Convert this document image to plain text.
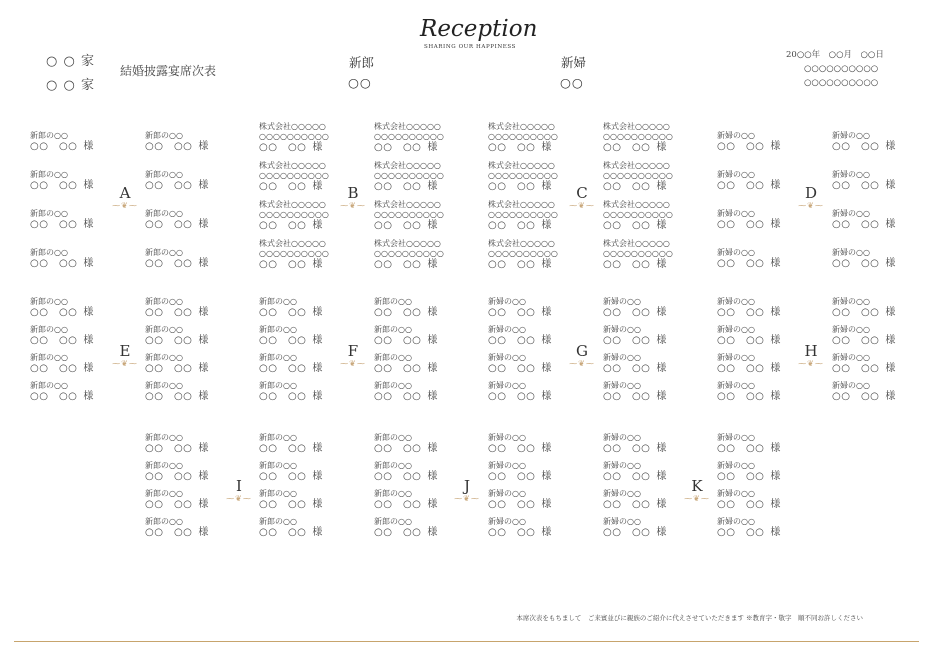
○ ○ 家
○ ○ 家
結婚披露宴席次表
Reception
SHARING OUR HAPPINESS
新郎
○○
新婦
○○
20○○年　○○月　○○日
○○○○○○○○○○
○○○○○○○○○○
新郎の○○
○○　○○ 様
新郎の○○
○○　○○ 様
新郎の○○
○○　○○ 様
新郎の○○
○○　○○ 様
新郎の○○
○○　○○ 様
新郎の○○
○○　○○ 様
新郎の○○
○○　○○ 様
新郎の○○
○○　○○ 様
A
⁓❦⁓
株式会社○○○○○
○○○○○○○○○○
○○　○○ 様
株式会社○○○○○
○○○○○○○○○○
○○　○○ 様
株式会社○○○○○
○○○○○○○○○○
○○　○○ 様
株式会社○○○○○
○○○○○○○○○○
○○　○○ 様
株式会社○○○○○
○○○○○○○○○○
○○　○○ 様
株式会社○○○○○
○○○○○○○○○○
○○　○○ 様
株式会社○○○○○
○○○○○○○○○○
○○　○○ 様
株式会社○○○○○
○○○○○○○○○○
○○　○○ 様
B
⁓❦⁓
株式会社○○○○○
○○○○○○○○○○
○○　○○ 様
株式会社○○○○○
○○○○○○○○○○
○○　○○ 様
株式会社○○○○○
○○○○○○○○○○
○○　○○ 様
株式会社○○○○○
○○○○○○○○○○
○○　○○ 様
株式会社○○○○○
○○○○○○○○○○
○○　○○ 様
株式会社○○○○○
○○○○○○○○○○
○○　○○ 様
株式会社○○○○○
○○○○○○○○○○
○○　○○ 様
株式会社○○○○○
○○○○○○○○○○
○○　○○ 様
C
⁓❦⁓
新婦の○○
○○　○○ 様
新婦の○○
○○　○○ 様
新婦の○○
○○　○○ 様
新婦の○○
○○　○○ 様
新婦の○○
○○　○○ 様
新婦の○○
○○　○○ 様
新婦の○○
○○　○○ 様
新婦の○○
○○　○○ 様
D
⁓❦⁓
新郎の○○
○○　○○ 様
新郎の○○
○○　○○ 様
新郎の○○
○○　○○ 様
新郎の○○
○○　○○ 様
新郎の○○
○○　○○ 様
新郎の○○
○○　○○ 様
新郎の○○
○○　○○ 様
新郎の○○
○○　○○ 様
E
⁓❦⁓
新郎の○○
○○　○○ 様
新郎の○○
○○　○○ 様
新郎の○○
○○　○○ 様
新郎の○○
○○　○○ 様
新郎の○○
○○　○○ 様
新郎の○○
○○　○○ 様
新郎の○○
○○　○○ 様
新郎の○○
○○　○○ 様
F
⁓❦⁓
新婦の○○
○○　○○ 様
新婦の○○
○○　○○ 様
新婦の○○
○○　○○ 様
新婦の○○
○○　○○ 様
新婦の○○
○○　○○ 様
新婦の○○
○○　○○ 様
新婦の○○
○○　○○ 様
新婦の○○
○○　○○ 様
G
⁓❦⁓
新婦の○○
○○　○○ 様
新婦の○○
○○　○○ 様
新婦の○○
○○　○○ 様
新婦の○○
○○　○○ 様
新婦の○○
○○　○○ 様
新婦の○○
○○　○○ 様
新婦の○○
○○　○○ 様
新婦の○○
○○　○○ 様
H
⁓❦⁓
新郎の○○
○○　○○ 様
新郎の○○
○○　○○ 様
新郎の○○
○○　○○ 様
新郎の○○
○○　○○ 様
新郎の○○
○○　○○ 様
新郎の○○
○○　○○ 様
新郎の○○
○○　○○ 様
新郎の○○
○○　○○ 様
I
⁓❦⁓
新郎の○○
○○　○○ 様
新郎の○○
○○　○○ 様
新郎の○○
○○　○○ 様
新郎の○○
○○　○○ 様
新婦の○○
○○　○○ 様
新婦の○○
○○　○○ 様
新婦の○○
○○　○○ 様
新婦の○○
○○　○○ 様
J
⁓❦⁓
新婦の○○
○○　○○ 様
新婦の○○
○○　○○ 様
新婦の○○
○○　○○ 様
新婦の○○
○○　○○ 様
新婦の○○
○○　○○ 様
新婦の○○
○○　○○ 様
新婦の○○
○○　○○ 様
新婦の○○
○○　○○ 様
K
⁓❦⁓
本席次表をもちまして　ご来賓並びに親族のご紹介に代えさせていただきます ※教育字・敬字　順不同お許しください
